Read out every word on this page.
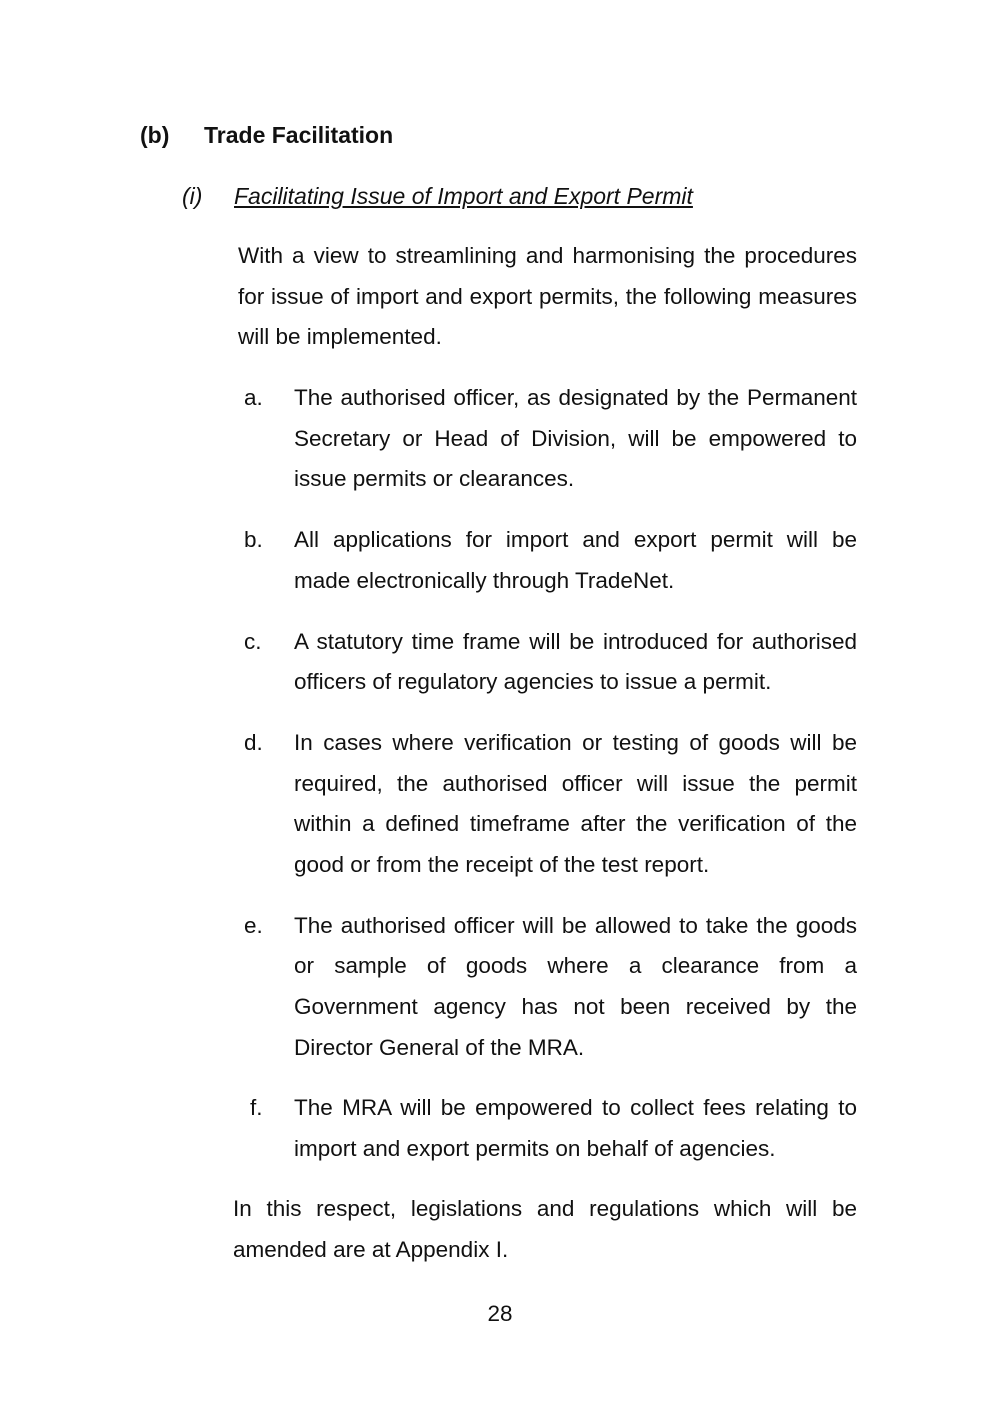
(b) Trade Facilitation
(i) Facilitating Issue of Import and Export Permit

With a view to streamlining and harmonising the procedures for issue of import and export permits, the following measures will be implemented.

a.	The authorised officer, as designated by the Permanent Secretary or Head of Division, will be empowered to issue permits or clearances.
b.	All applications for import and export permit will be made electronically through TradeNet.
c.	A statutory time frame will be introduced for authorised officers of regulatory agencies to issue a permit.
d.	In cases where verification or testing of goods will be required, the authorised officer will issue the permit within a defined timeframe after the verification of the good or from the receipt of the test report.
e.	The authorised officer will be allowed to take the goods or sample of goods where a clearance from a Government agency has not been received by the Director General of the MRA.
f.	The MRA will be empowered to collect fees relating to import and export permits on behalf of agencies.

In this respect, legislations and regulations which will be amended are at Appendix I.

28
